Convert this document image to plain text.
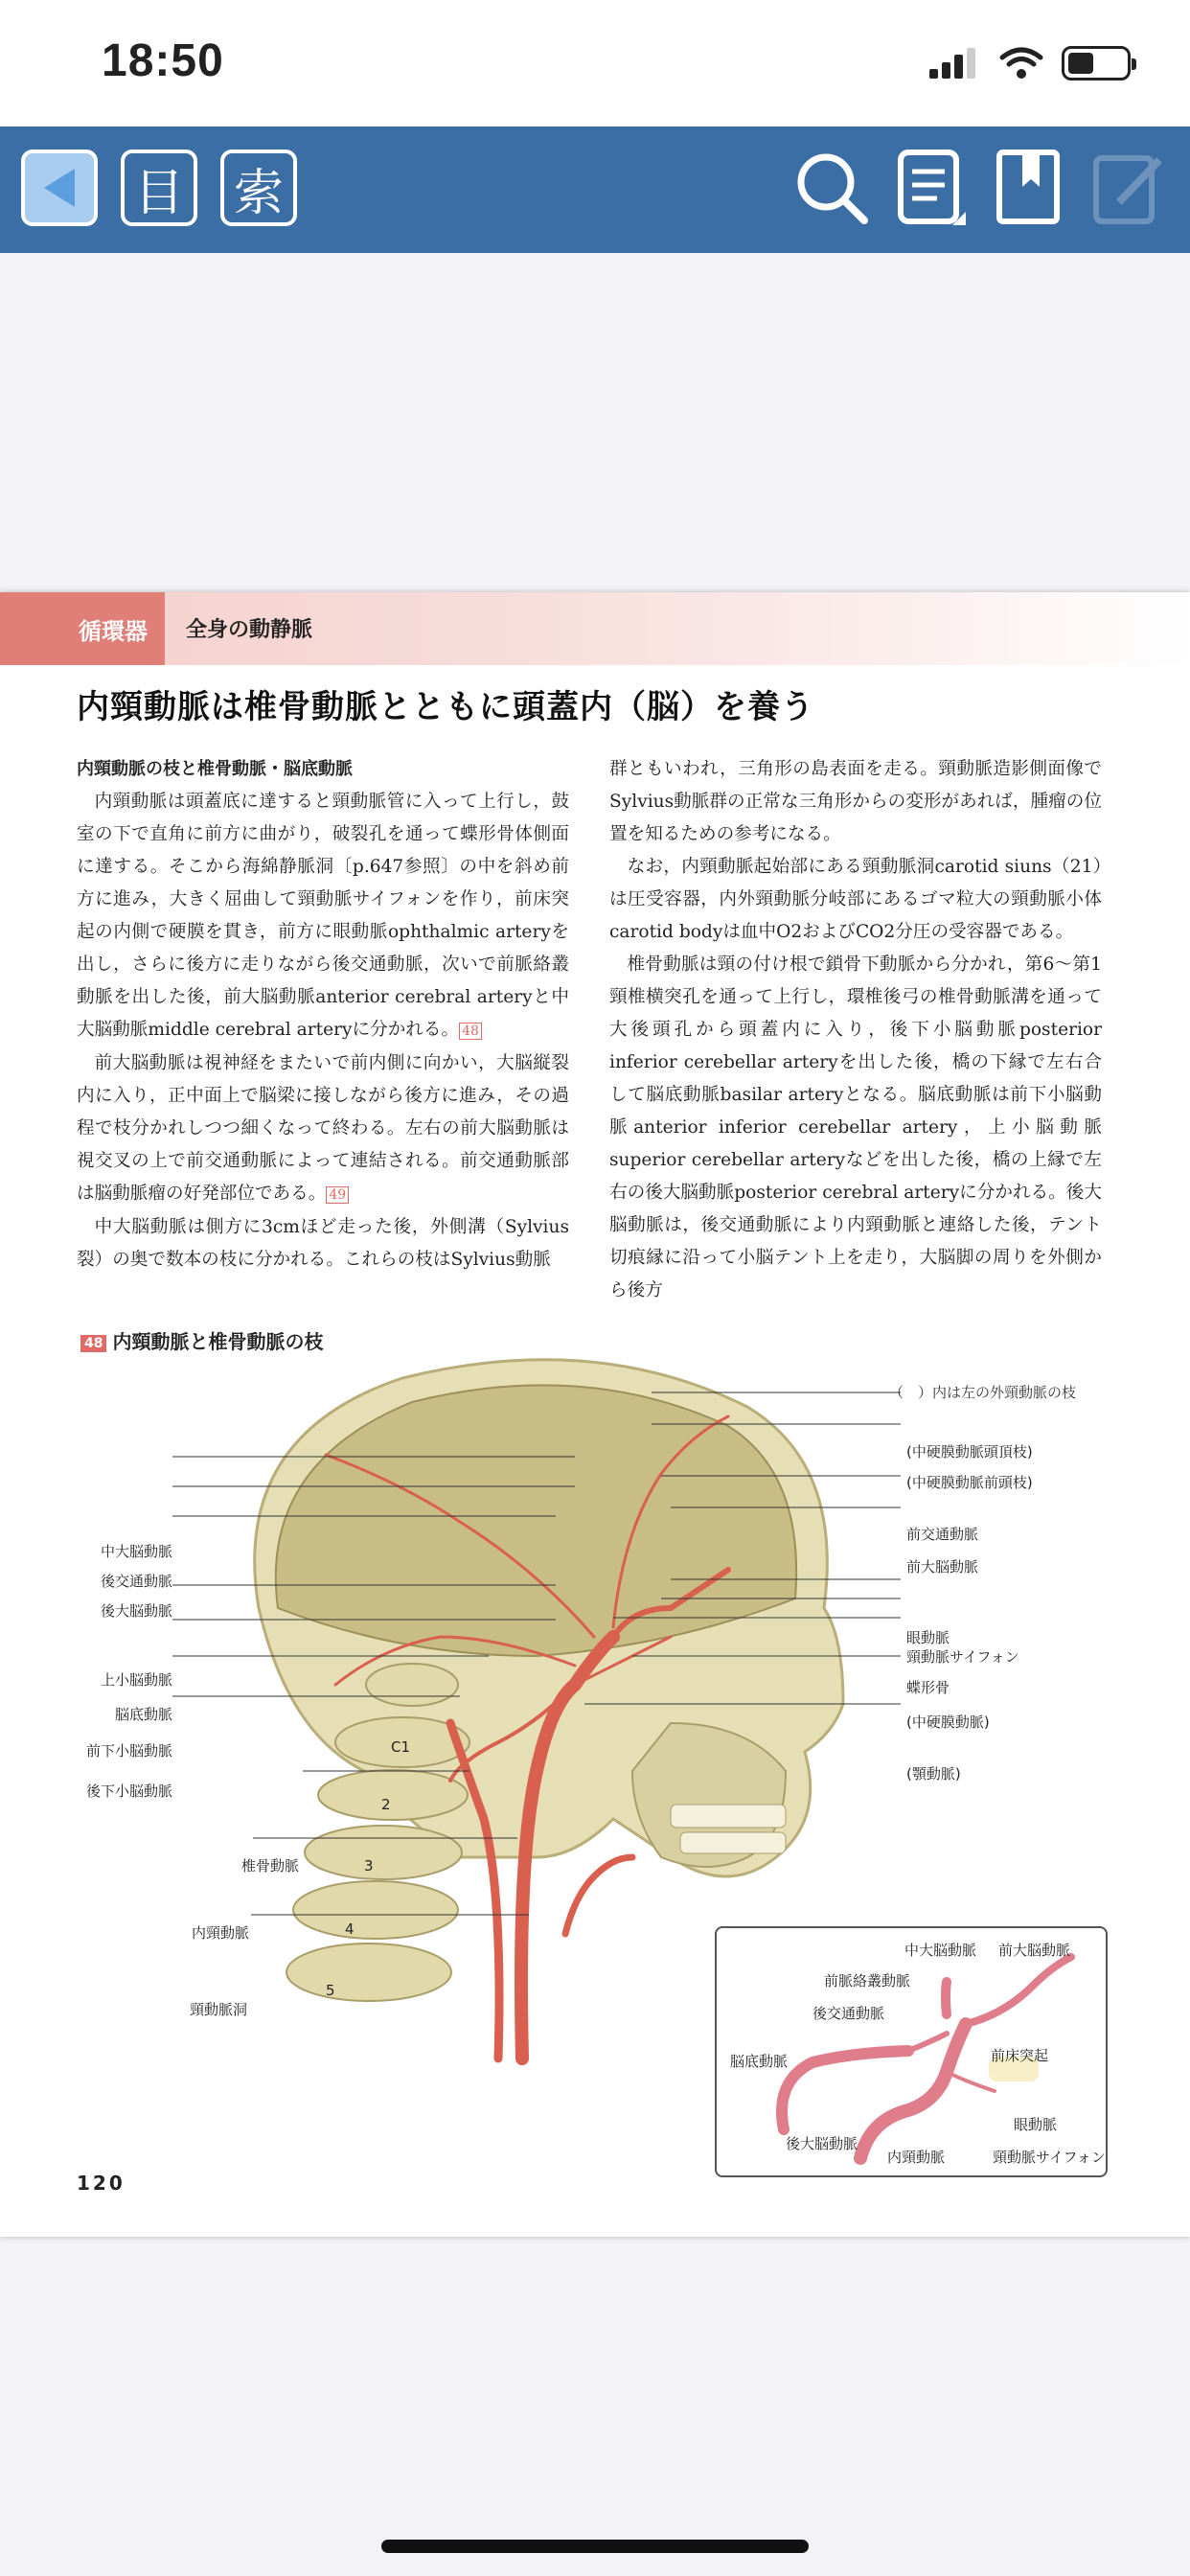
18:50
目 索
循環器	全身の動静脈
内頸動脈は椎骨動脈とともに頭蓋内（脳）を養う
内頸動脈の枝と椎骨動脈・脳底動脈

内頸動脈は頭蓋底に達すると頸動脈管に入って上行し，鼓室の下で直角に前方に曲がり，破裂孔を通って蝶形骨体側面に達する。そこから海綿静脈洞〔p.647参照〕の中を斜め前方に進み，大きく屈曲して頸動脈サイフォンを作り，前床突起の内側で硬膜を貫き，前方に眼動脈ophthalmic arteryを出し，さらに後方に走りながら後交通動脈，次いで前脈絡叢動脈を出した後，前大脳動脈anterior cerebral arteryと中大脳動脈middle cerebral arteryに分かれる。 48

前大脳動脈は視神経をまたいで前内側に向かい，大脳縦裂内に入り，正中面上で脳梁に接しながら後方に進み，その過程で枝分かれしつつ細くなって終わる。左右の前大脳動脈は視交叉の上で前交通動脈によって連結される。前交通動脈部は脳動脈瘤の好発部位である。 49

中大脳動脈は側方に3cmほど走った後，外側溝（Sylvius裂）の奥で数本の枝に分かれる。これらの枝はSylvius動脈

群ともいわれ，三角形の島表面を走る。頸動脈造影側面像でSylvius動脈群の正常な三角形からの変形があれば，腫瘤の位置を知るための参考になる。

なお，内頸動脈起始部にある頸動脈洞carotid siuns（21）は圧受容器，内外頸動脈分岐部にあるゴマ粒大の頸動脈小体carotid bodyは血中O2およびCO2分圧の受容器である。

椎骨動脈は頸の付け根で鎖骨下動脈から分かれ，第6〜第1頸椎横突孔を通って上行し，環椎後弓の椎骨動脈溝を通って大後頭孔から頭蓋内に入り，後下小脳動脈posterior inferior cerebellar arteryを出した後，橋の下縁で左右合して脳底動脈basilar arteryとなる。脳底動脈は前下小脳動脈anterior inferior cerebellar artery，上小脳動脈superior cerebellar arteryなどを出した後，橋の上縁で左右の後大脳動脈posterior cerebral arteryに分かれる。後大脳動脈は，後交通動脈により内頸動脈と連絡した後，テント切痕縁に沿って小脳テント上を走り，大脳脚の周りを外側から後方

48 内頸動脈と椎骨動脈の枝
（　）内は左の外頸動脈の枝
中大脳動脈
後交通動脈
後大脳動脈
上小脳動脈
脳底動脈
前下小脳動脈
後下小脳動脈
椎骨動脈
内頸動脈
頸動脈洞
(中硬膜動脈頭頂枝)
(中硬膜動脈前頭枝)
前交通動脈
前大脳動脈
眼動脈
頸動脈サイフォン
蝶形骨
(中硬膜動脈)
(顎動脈)
C1
2
3
4
5
中大脳動脈 前大脳動脈
前脈絡叢動脈
後交通動脈
脳底動脈	前床突起
眼動脈
後大脳動脈
内頸動脈	頸動脈サイフォン
120
